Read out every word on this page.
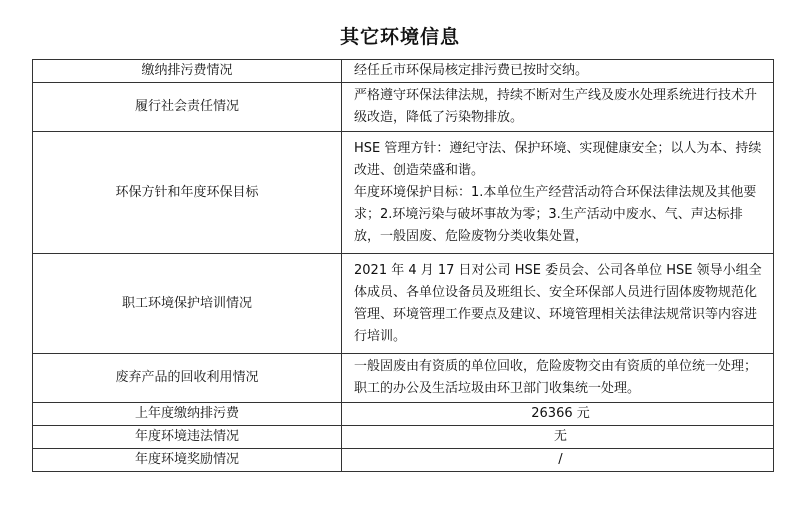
其它环境信息
缴纳排污费情况	经任丘市环保局核定排污费已按时交纳。
履行社会责任情况	严格遵守环保法律法规，持续不断对生产线及废水处理系统进行技术升级改造，降低了污染物排放。
环保方针和年度环保目标	HSE 管理方针：遵纪守法、保护环境、实现健康安全；以人为本、持续改进、创造荣盛和谐。

年度环境保护目标：1.本单位生产经营活动符合环保法律法规及其他要求；2.环境污染与破坏事故为零；3.生产活动中废水、气、声达标排放，一般固废、危险废物分类收集处置，

职工环境保护培训情况	2021 年 4 月 17 日对公司 HSE 委员会、公司各单位 HSE 领导小组全体成员、各单位设备员及班组长、安全环保部人员进行固体废物规范化管理、环境管理工作要点及建议、环境管理相关法律法规常识等内容进行培训。
废弃产品的回收利用情况	一般固废由有资质的单位回收，危险废物交由有资质的单位统一处理；职工的办公及生活垃圾由环卫部门收集统一处理。
上年度缴纳排污费	26366 元
年度环境违法情况	无
年度环境奖励情况	/
